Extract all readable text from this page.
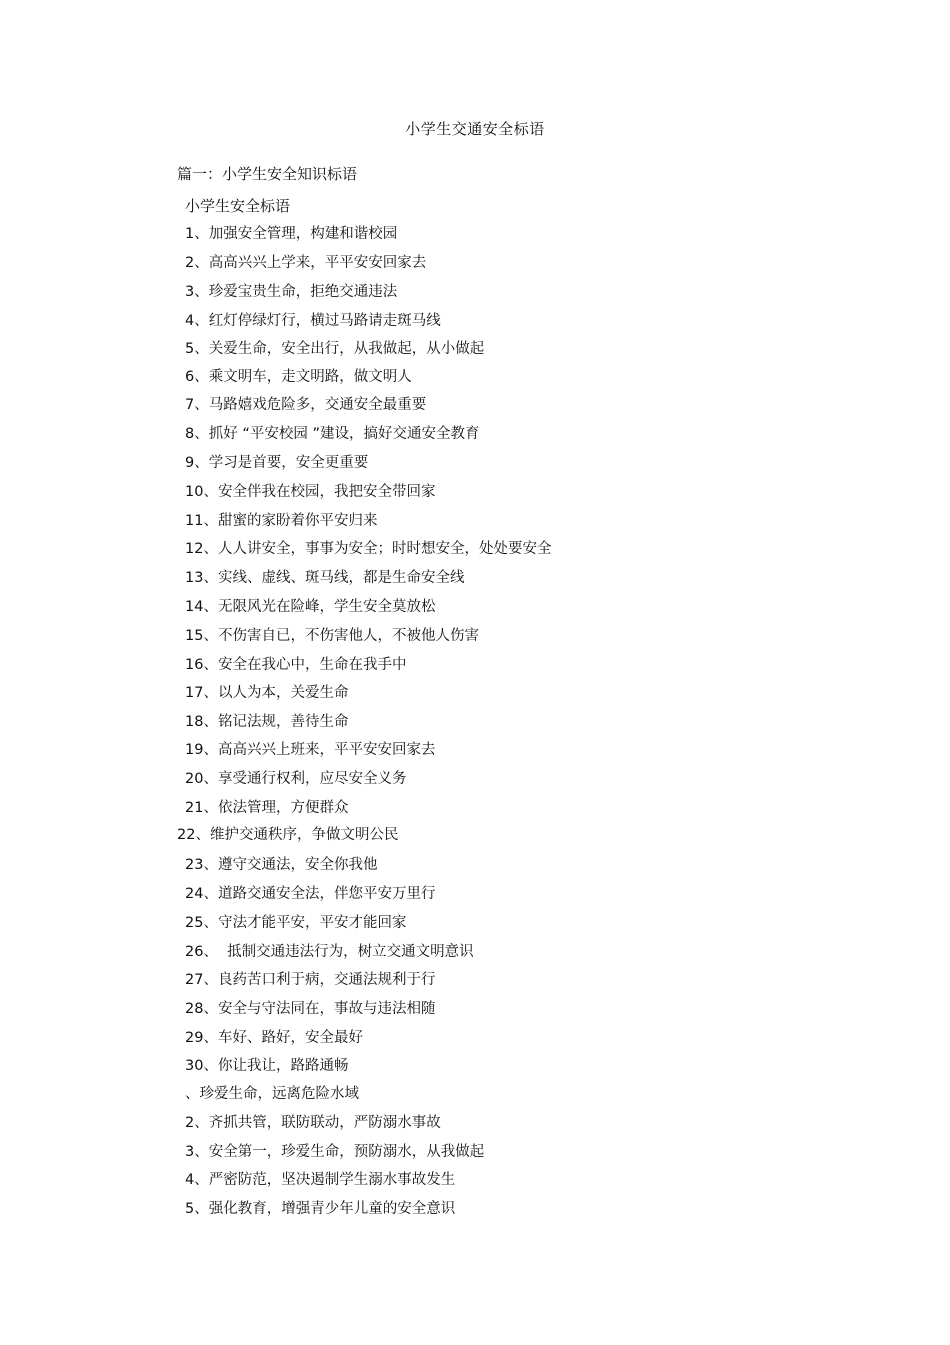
小学生交通安全标语
篇一：小学生安全知识标语
小学生安全标语
1、加强安全管理，构建和谐校园
2、高高兴兴上学来，平平安安回家去
3、珍爱宝贵生命，拒绝交通违法
4、红灯停绿灯行，横过马路请走斑马线
5、关爱生命，安全出行，从我做起，从小做起
6、乘文明车，走文明路，做文明人
7、马路嬉戏危险多，交通安全最重要
8、抓好 “平安校园 ”建设，搞好交通安全教育
9、学习是首要，安全更重要
10、安全伴我在校园，我把安全带回家
11、甜蜜的家盼着你平安归来
12、人人讲安全，事事为安全；时时想安全，处处要安全
13、实线、虚线、斑马线，都是生命安全线
14、无限风光在险峰，学生安全莫放松
15、不伤害自已，不伤害他人，不被他人伤害
16、安全在我心中，生命在我手中
17、以人为本，关爱生命
18、铭记法规，善待生命
19、高高兴兴上班来，平平安安回家去
20、享受通行权利，应尽安全义务
21、依法管理，方便群众
22、维护交通秩序，争做文明公民
23、遵守交通法，安全你我他
24、道路交通安全法，伴您平安万里行
25、守法才能平安，平安才能回家
26、  抵制交通违法行为，树立交通文明意识
27、良药苦口利于病，交通法规利于行
28、安全与守法同在，事故与违法相随
29、车好、路好，安全最好
30、你让我让，路路通畅
、珍爱生命，远离危险水域
2、齐抓共管，联防联动，严防溺水事故
3、安全第一，珍爱生命，预防溺水，从我做起
4、严密防范，坚决遏制学生溺水事故发生
5、强化教育，增强青少年儿童的安全意识
